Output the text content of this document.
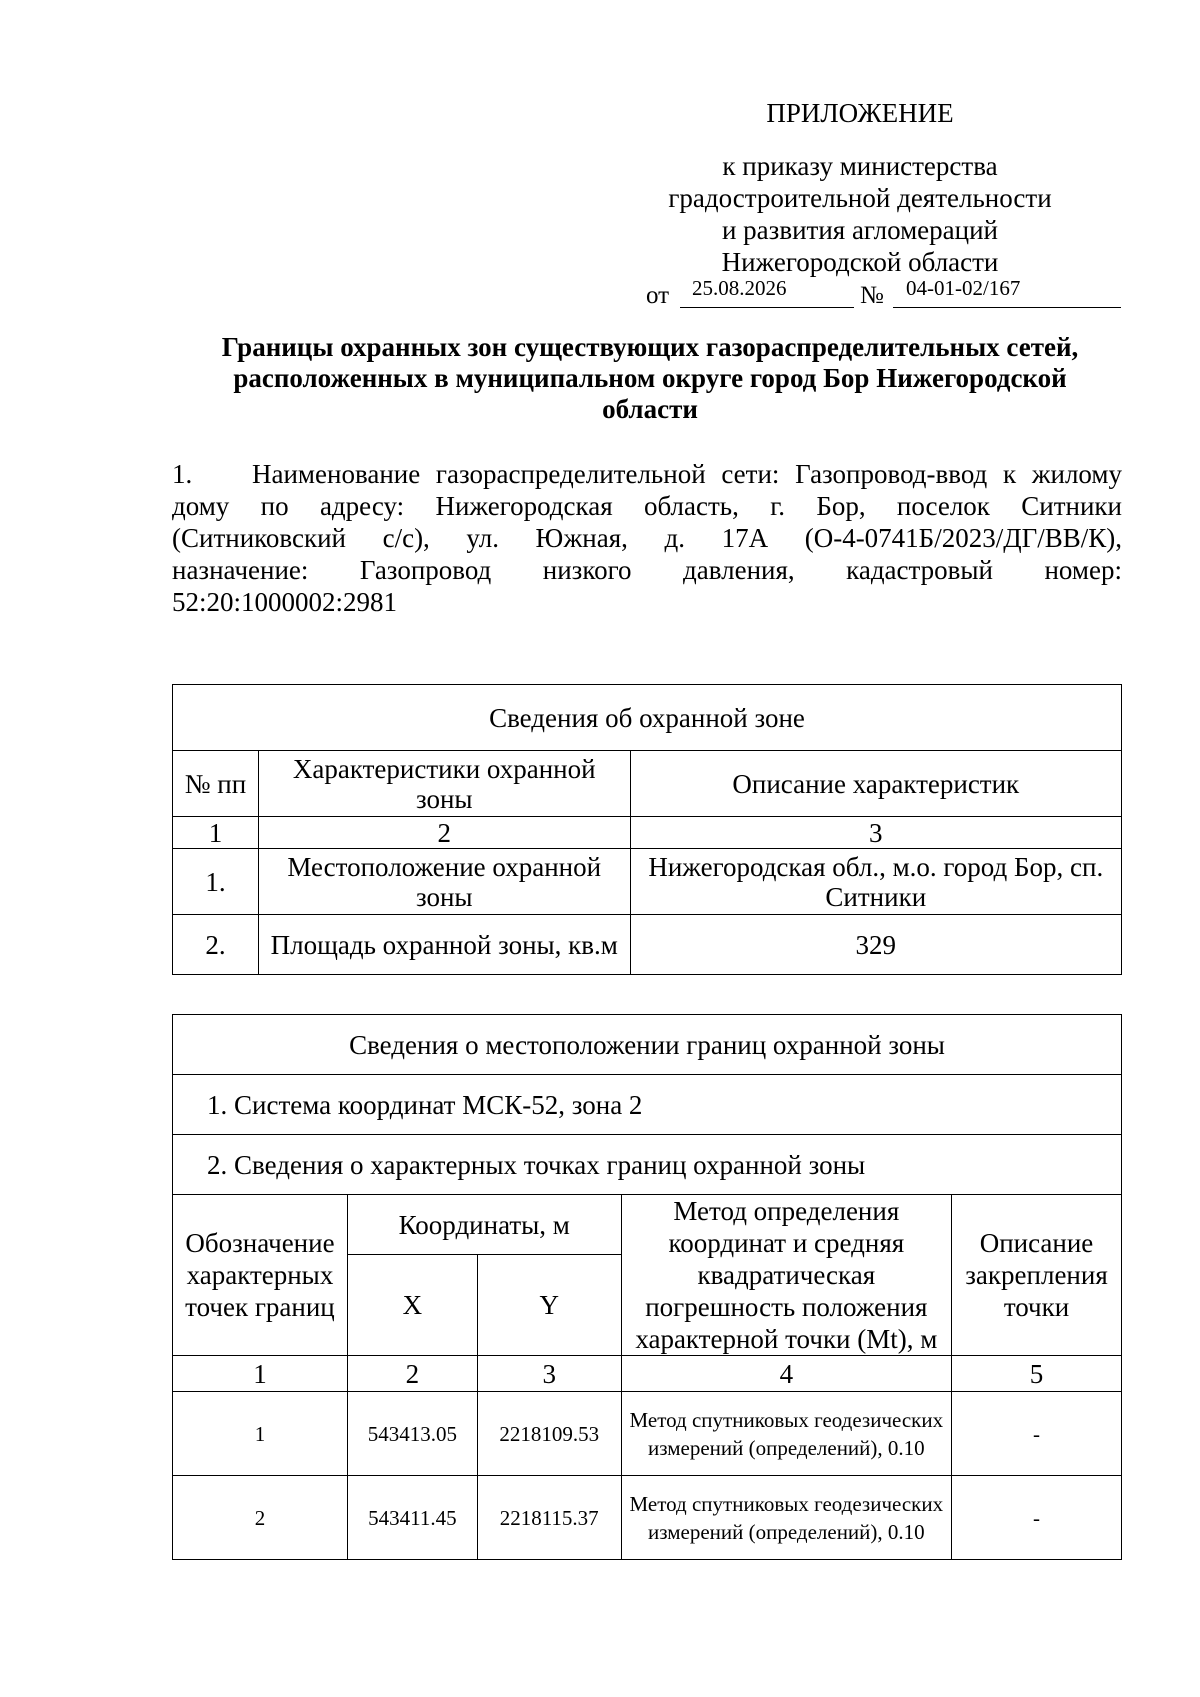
ПРИЛОЖЕНИЕ
к приказу министерства
градостроительной деятельности
и развития агломераций
Нижегородской области
от 25.08.2026	№ 04-01-02/167
Границы охранных зон существующих газораспределительных сетей,
расположенных в муниципальном округе город Бор Нижегородской
области
1. Наименование газораспределительной сети: Газопровод-ввод к жилому
дому по адресу: Нижегородская область, г. Бор, поселок Ситники
(Ситниковский с/с), ул. Южная, д. 17А (О-4-0741Б/2023/ДГ/ВВ/К),
назначение: Газопровод низкого давления, кадастровый номер:
52:20:1000002:2981
Сведения об охранной зоне		
№ пп	Характеристики охранной зоны	Описание характеристик
1	2	3
1.	Местоположение охранной зоны	Нижегородская обл., м.о. город Бор, сп. Ситники
2.	Площадь охранной зоны, кв.м	329
Сведения о местоположении границ охранной зоны				
1. Система координат МСК-52, зона 2				
2. Сведения о характерных точках границ охранной зоны				
Обозначение характерных точек границ	Координаты, м		Метод определения координат и средняя квадратическая погрешность положения характерной точки (Mt), м	Описание закрепления точки
	X	Y		
1	2	3	4	5
1	543413.05	2218109.53	Метод спутниковых геодезических измерений (определений), 0.10	-
2	543411.45	2218115.37	Метод спутниковых геодезических измерений (определений), 0.10	-
